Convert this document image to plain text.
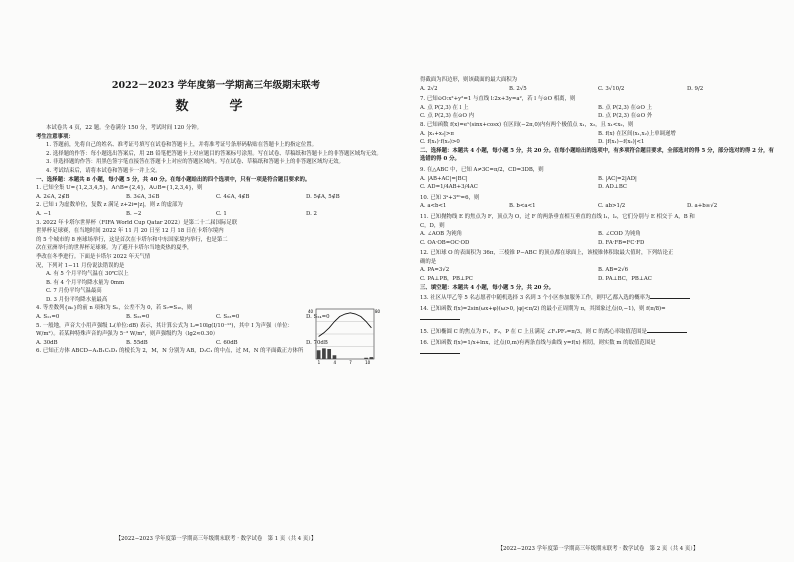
2022－2023 学年度第一学期高三年级期末联考
数　学

本试卷共 4 页，22 题。全卷满分 150 分，考试时间 120 分钟。

考生注意事项：

1. 答题前，先将自己的姓名、准考证号填写在试卷和答题卡上，并将准考证号条形码粘贴在答题卡上的指定位置。

2. 选择题的作答：每小题选出答案后，用 2B 铅笔把答题卡上对应题目的答案标号涂黑。写在试卷、草稿纸和答题卡上的非答题区域均无效。

3. 非选择题的作答：用黑色签字笔直接答在答题卡上对应的答题区域内。写在试卷、草稿纸和答题卡上的非答题区域均无效。

4. 考试结束后，请将本试卷和答题卡一并上交。

一、选择题：本题共 8 小题，每小题 5 分，共 40 分。在每小题给出的四个选项中，只有一项是符合题目要求的。

1. 已知全集 U={1,2,3,4,5}，A∩B={2,4}，A∪B={1,2,3,4}，则

A. 2∈A, 2∉B	B. 3∈A, 3∈B	C. 4∈A, 4∉B	D. 5∉A, 5∉B

2. 已知 i 为虚数单位，复数 z 满足 z+2i=|z|，则 z 的虚部为

A. −1	B. −2	C. 1	D. 2

3. 2022 年卡塔尔世界杯（FIFA World Cup Qatar 2022）是第二十二届国际足联

世界杯足球赛，在当地时间 2022 年 11 月 20 日至 12 月 18 日在卡塔尔境内

的 5 个城市的 8 座球场举行，这是首次在卡塔尔和中东国家境内举行，也是第二

次在亚洲举行的世界杯足球赛。为了避开卡塔尔当地炎热的夏季，

季改在冬季进行。下面是卡塔尔 2022 年天气情

况，下列对 1−11 月份说法错误的是

A. 有 5 个月平均气温在 30℃以上

B. 有 4 个月平均降水量为 0mm

C. 7 月份平均气温最高

D. 3 月份平均降水量最高

4. 等差数列{aₙ}的前 n 项和为 Sₙ，公差不为 0，若 S₇=S₁₆，则

A. S₁₁=0	B. S₂₂=0	C. S₂₃=0	D. S₂₄=0

5. 一般地，声音大小用声强级 Lᵢ(单位:dB) 表示，其计算公式为 Lᵢ=10lg(I/10⁻¹²)，其中 I 为声强（单位：

W/m²）。若某种特殊声音的声强为 5⁻³ W/m²，则声强级约为（lg2≈0.30）

A. 30dB	B. 55dB	C. 60dB	D. 70dB

6. 已知正方体 ABCD−A₁B₁C₁D₁ 的棱长为 2，M，N 分别为 AB，D₁C₁ 的中点，过 M，N 的平面截正方体所

40	80
1	4	7	10
【2022−2023 学年度第一学期高三年级期末联考 · 数学试卷　第 1 页（共 4 页）】

得截面为四边形，则该截面的最大面积为

A. 2√2	B. 2√5	C. 3√10/2	D. 9/2

7. 已知⊙O:x²+y²=1 与直线 l:2x+3y=a²，若 l 与⊙O 相离，则

A. 点 P(2,3) 在 l 上	B. 点 P(2,3) 在⊙O 上
C. 点 P(2,3) 在⊙O 内	D. 点 P(2,3) 在⊙O 外

8. 已知函数 f(x)=eˣ(sinx+cosx) 在区间(−2π,0)内有两个极值点 x₁，x₂，且 x₁<x₂，则

A. |x₁+x₂|>π	B. f(x) 在区间(x₁,x₂)上单调递增
C. f(x₁)·f(x₂)>0	D. |f(x₁)−f(x₂)|<1

二、选择题：本题共 4 小题，每小题 5 分，共 20 分。在每小题给出的选项中，有多项符合题目要求，全部选对的得 5 分，部分选对的得 2 分，有选错的得 0 分。

9. 在△ABC 中，已知 A≠3C=π/2，CD=3DB，则

A. |AB+AC|=|BC|	B. |AC|=2|AD|
C. AD=1/4AB+3/4AC	D. AD⊥BC

10. 已知 3ᵃ+3²ᵇ=6，则

A. a<b<1	B. b<a<1	C. ab>1/2	D. a+b≥√2

11. 已知抛物线 E 的焦点为 F，顶点为 O，过 F 的两条垂直相互垂直的直线 l₁，l₂，它们分别与 E 相交于 A，B 和

C，D，则

A. ∠AOB 为钝角	B. ∠COD 为钝角
C. OA·OB=OC·OD	D. FA·FB=FC·FD

12. 已知球 O 的表面积为 36π，三棱锥 P−ABC 的顶点都在球面上，该棱锥体积取最大值时，下列结论正

确的是

A. PA=3√2	B. AB=2√6
C. PA⊥PB，PB⊥PC	D. PA⊥BC，PB⊥AC

三、填空题：本题共 4 小题，每小题 5 分，共 20 分。

13. 社区从甲乙等 5 名志愿者中随机选择 3 名到 3 个小区参加服务工作，则甲乙都入选的概率为

14. 已知函数 f(x)=2sin(ωx+φ)(ω>0, |φ|<π/2) 的最小正周期为 π，其图象过点(0,−1)，则 f(π/8)=

15. 已知椭圆 C 的焦点为 F₁，F₂，P 在 C 上且满足 ∠F₁PF₂=π/3，则 C 的离心率取值范围是

16. 已知函数 f(x)=1/x+lnx，过点(0,m)有两条直线与曲线 y=f(x) 相切，则实数 m 的取值范围是

【2022−2023 学年度第一学期高三年级期末联考 · 数学试卷　第 2 页（共 4 页）】
